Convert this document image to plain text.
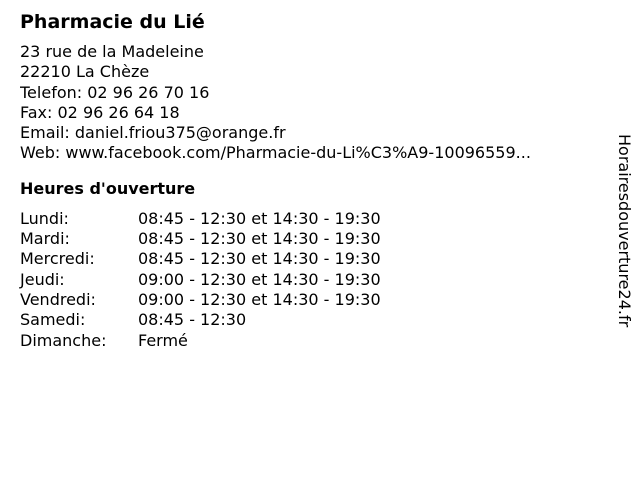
Pharmacie du Lié
23 rue de la Madeleine
22210 La Chèze
Telefon: 02 96 26 70 16
Fax: 02 96 26 64 18
Email: daniel.friou375@orange.fr
Web: www.facebook.com/Pharmacie-du-Li%C3%A9-10096559...
Heures d'ouverture
Lundi:	08:45 - 12:30 et 14:30 - 19:30
Mardi:	08:45 - 12:30 et 14:30 - 19:30
Mercredi:	08:45 - 12:30 et 14:30 - 19:30
Jeudi:	09:00 - 12:30 et 14:30 - 19:30
Vendredi:	09:00 - 12:30 et 14:30 - 19:30
Samedi:	08:45 - 12:30
Dimanche:	Fermé
Horairesdouverture24.fr
